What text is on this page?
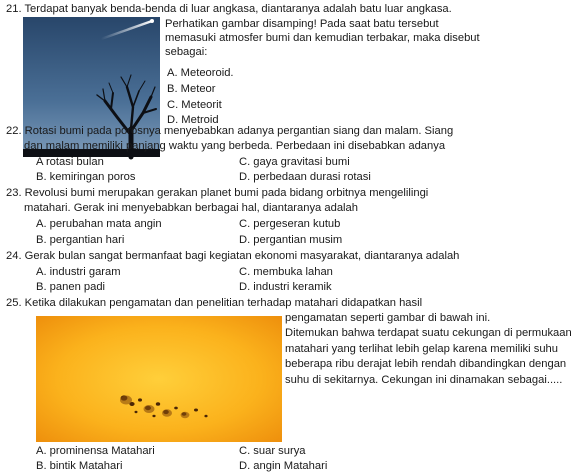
21. Terdapat banyak benda-benda di luar angkasa, diantaranya adalah batu luar angkasa.
Perhatikan gambar disamping! Pada saat batu tersebut
memasuki atmosfer bumi dan kemudian terbakar, maka disebut
sebagai:
A. Meteoroid.
B. Meteor
C. Meteorit
D. Metroid
22. Rotasi bumi pada porosnya menyebabkan adanya pergantian siang dan malam. Siang
dan malam memiliki panjang waktu yang berbeda. Perbedaan ini disebabkan adanya
A rotasi bulan	C. gaya gravitasi bumi
B. kemiringan poros	D. perbedaan durasi rotasi
23. Revolusi bumi merupakan gerakan planet bumi pada bidang orbitnya mengelilingi
matahari. Gerak ini menyebabkan berbagai hal, diantaranya adalah
A. perubahan mata angin	C. pergeseran kutub
B. pergantian hari	D. pergantian musim
24. Gerak bulan sangat bermanfaat bagi kegiatan ekonomi masyarakat, diantaranya adalah
A. industri garam	C. membuka lahan
B. panen padi	D. industri keramik
25. Ketika dilakukan pengamatan dan penelitian terhadap matahari didapatkan hasil
pengamatan seperti gambar di bawah ini.
Ditemukan bahwa terdapat suatu cekungan di permukaan
matahari yang terlihat lebih gelap karena memiliki suhu
beberapa ribu derajat lebih rendah dibandingkan dengan
suhu di sekitarnya. Cekungan ini dinamakan sebagai.....
A. prominensa Matahari	C. suar surya
B. bintik Matahari	D. angin Matahari
